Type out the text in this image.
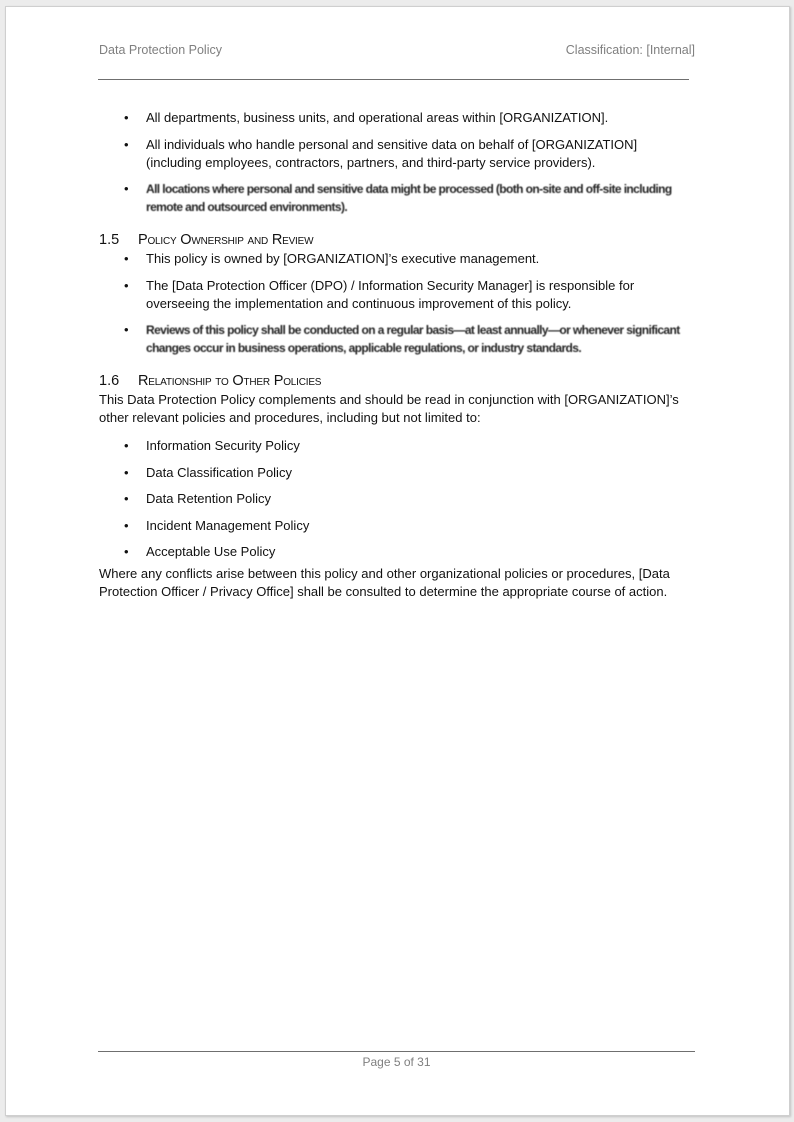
Data Protection Policy	Classification: [Internal]
• All departments, business units, and operational areas within [ORGANIZATION].
• All individuals who handle personal and sensitive data on behalf of [ORGANIZATION] (including employees, contractors, partners, and third-party service providers).
• All locations where personal and sensitive data might be processed (both on-site and off-site including remote and outsourced environments).
1.5	Policy Ownership and Review
• This policy is owned by [ORGANIZATION]’s executive management.
• The [Data Protection Officer (DPO) / Information Security Manager] is responsible for overseeing the implementation and continuous improvement of this policy.
• Reviews of this policy shall be conducted on a regular basis—at least annually—or whenever significant changes occur in business operations, applicable regulations, or industry standards.
1.6	Relationship to Other Policies

This Data Protection Policy complements and should be read in conjunction with [ORGANIZATION]’s other relevant policies and procedures, including but not limited to:

• Information Security Policy
• Data Classification Policy
• Data Retention Policy
• Incident Management Policy
• Acceptable Use Policy

Where any conflicts arise between this policy and other organizational policies or procedures, [Data Protection Officer / Privacy Office] shall be consulted to determine the appropriate course of action.

Page 5 of 31
